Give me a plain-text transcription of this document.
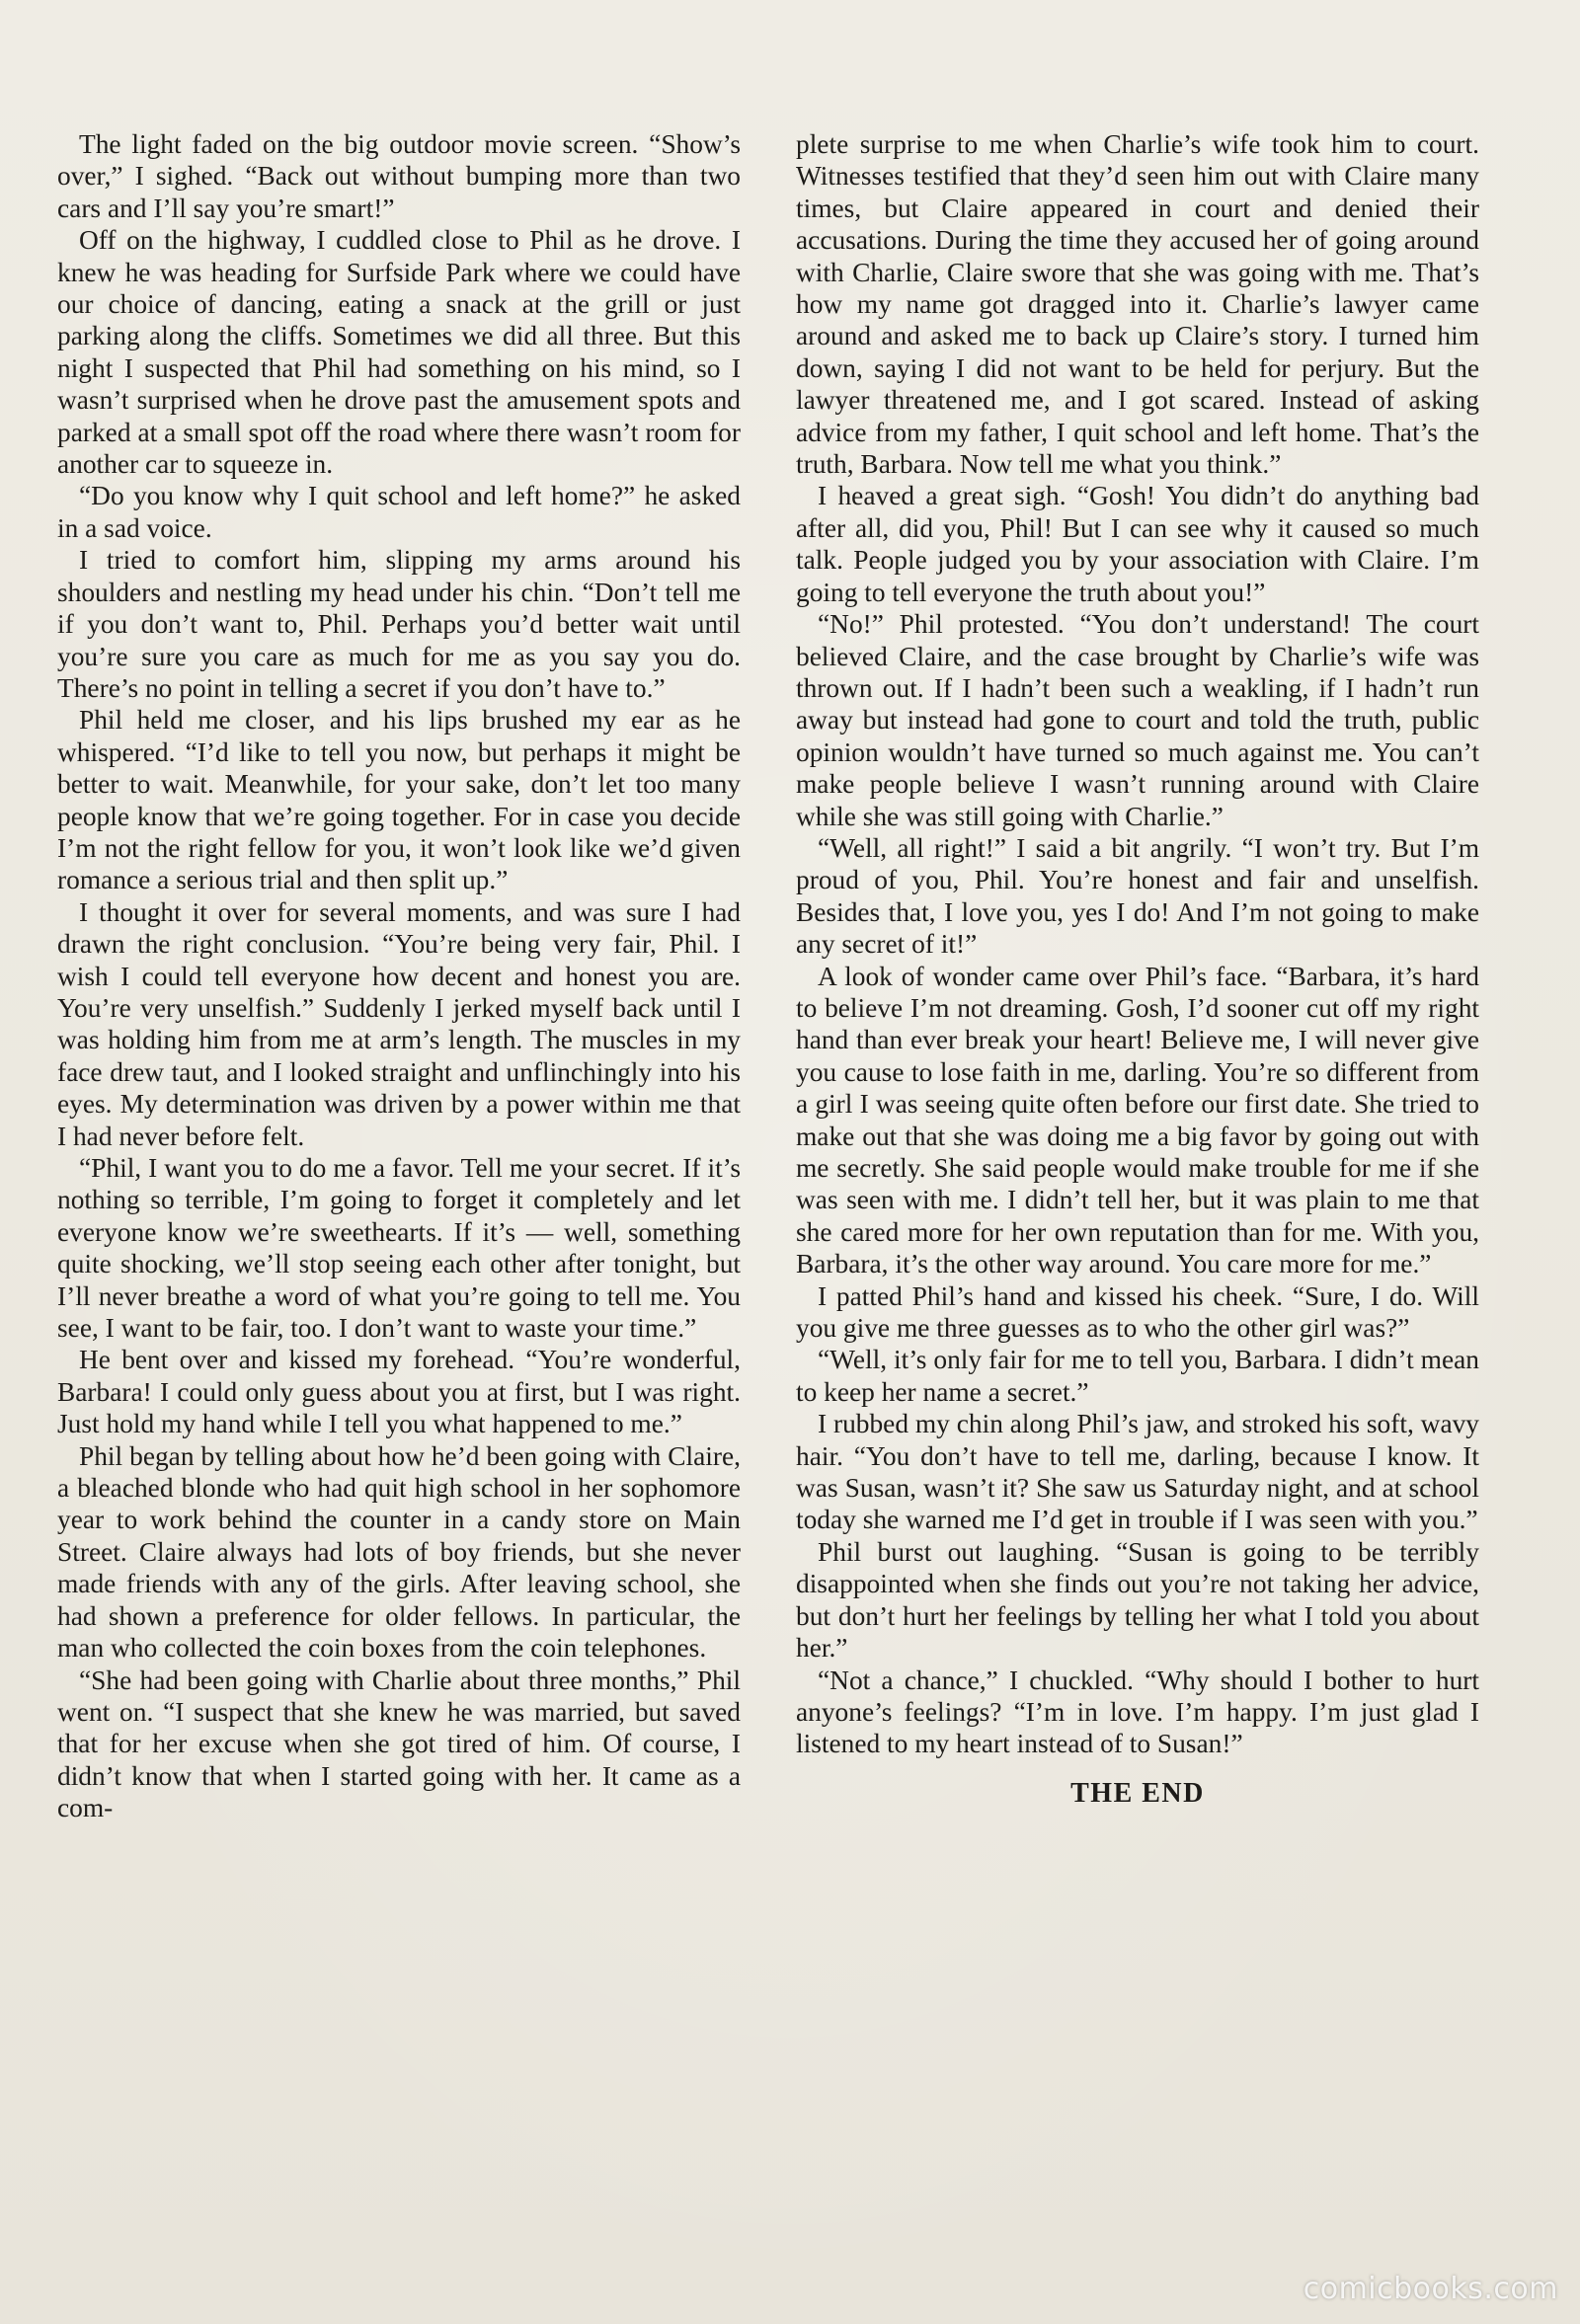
The light faded on the big outdoor movie screen. “Show’s over,” I sighed. “Back out without bumping more than two cars and I’ll say you’re smart!”

Off on the highway, I cuddled close to Phil as he drove. I knew he was heading for Surfside Park where we could have our choice of dancing, eating a snack at the grill or just parking along the cliffs. Sometimes we did all three. But this night I suspected that Phil had something on his mind, so I wasn’t surprised when he drove past the amusement spots and parked at a small spot off the road where there wasn’t room for another car to squeeze in.

“Do you know why I quit school and left home?” he asked in a sad voice.

I tried to comfort him, slipping my arms around his shoulders and nestling my head under his chin. “Don’t tell me if you don’t want to, Phil. Perhaps you’d better wait until you’re sure you care as much for me as you say you do. There’s no point in telling a secret if you don’t have to.”

Phil held me closer, and his lips brushed my ear as he whispered. “I’d like to tell you now, but perhaps it might be better to wait. Meanwhile, for your sake, don’t let too many people know that we’re going together. For in case you decide I’m not the right fellow for you, it won’t look like we’d given romance a serious trial and then split up.”

I thought it over for several moments, and was sure I had drawn the right conclusion. “You’re being very fair, Phil. I wish I could tell everyone how decent and honest you are. You’re very unselfish.” Suddenly I jerked myself back until I was holding him from me at arm’s length. The muscles in my face drew taut, and I looked straight and unflinchingly into his eyes. My determination was driven by a power within me that I had never before felt.

“Phil, I want you to do me a favor. Tell me your secret. If it’s nothing so terrible, I’m going to forget it completely and let everyone know we’re sweethearts. If it’s — well, something quite shocking, we’ll stop seeing each other after tonight, but I’ll never breathe a word of what you’re going to tell me. You see, I want to be fair, too. I don’t want to waste your time.”

He bent over and kissed my forehead. “You’re wonderful, Barbara! I could only guess about you at first, but I was right. Just hold my hand while I tell you what happened to me.”

Phil began by telling about how he’d been going with Claire, a bleached blonde who had quit high school in her sophomore year to work behind the counter in a candy store on Main Street. Claire always had lots of boy friends, but she never made friends with any of the girls. After leaving school, she had shown a preference for older fellows. In particular, the man who collected the coin boxes from the coin telephones.

“She had been going with Charlie about three months,” Phil went on. “I suspect that she knew he was married, but saved that for her excuse when she got tired of him. Of course, I didn’t know that when I started going with her. It came as a com-

plete surprise to me when Charlie’s wife took him to court. Witnesses testified that they’d seen him out with Claire many times, but Claire appeared in court and denied their accusations. During the time they accused her of going around with Charlie, Claire swore that she was going with me. That’s how my name got dragged into it. Charlie’s lawyer came around and asked me to back up Claire’s story. I turned him down, saying I did not want to be held for perjury. But the lawyer threatened me, and I got scared. Instead of asking advice from my father, I quit school and left home. That’s the truth, Barbara. Now tell me what you think.”

I heaved a great sigh. “Gosh! You didn’t do anything bad after all, did you, Phil! But I can see why it caused so much talk. People judged you by your association with Claire. I’m going to tell everyone the truth about you!”

“No!” Phil protested. “You don’t understand! The court believed Claire, and the case brought by Charlie’s wife was thrown out. If I hadn’t been such a weakling, if I hadn’t run away but instead had gone to court and told the truth, public opinion wouldn’t have turned so much against me. You can’t make people believe I wasn’t running around with Claire while she was still going with Charlie.”

“Well, all right!” I said a bit angrily. “I won’t try. But I’m proud of you, Phil. You’re honest and fair and unselfish. Besides that, I love you, yes I do! And I’m not going to make any secret of it!”

A look of wonder came over Phil’s face. “Barbara, it’s hard to believe I’m not dreaming. Gosh, I’d sooner cut off my right hand than ever break your heart! Believe me, I will never give you cause to lose faith in me, darling. You’re so different from a girl I was seeing quite often before our first date. She tried to make out that she was doing me a big favor by going out with me secretly. She said people would make trouble for me if she was seen with me. I didn’t tell her, but it was plain to me that she cared more for her own reputation than for me. With you, Barbara, it’s the other way around. You care more for me.”

I patted Phil’s hand and kissed his cheek. “Sure, I do. Will you give me three guesses as to who the other girl was?”

“Well, it’s only fair for me to tell you, Barbara. I didn’t mean to keep her name a secret.”

I rubbed my chin along Phil’s jaw, and stroked his soft, wavy hair. “You don’t have to tell me, darling, because I know. It was Susan, wasn’t it? She saw us Saturday night, and at school today she warned me I’d get in trouble if I was seen with you.”

Phil burst out laughing. “Susan is going to be terribly disappointed when she finds out you’re not taking her advice, but don’t hurt her feelings by telling her what I told you about her.”

“Not a chance,” I chuckled. “Why should I bother to hurt anyone’s feelings? “I’m in love. I’m happy. I’m just glad I listened to my heart instead of to Susan!”

THE END

comicbooks.com
